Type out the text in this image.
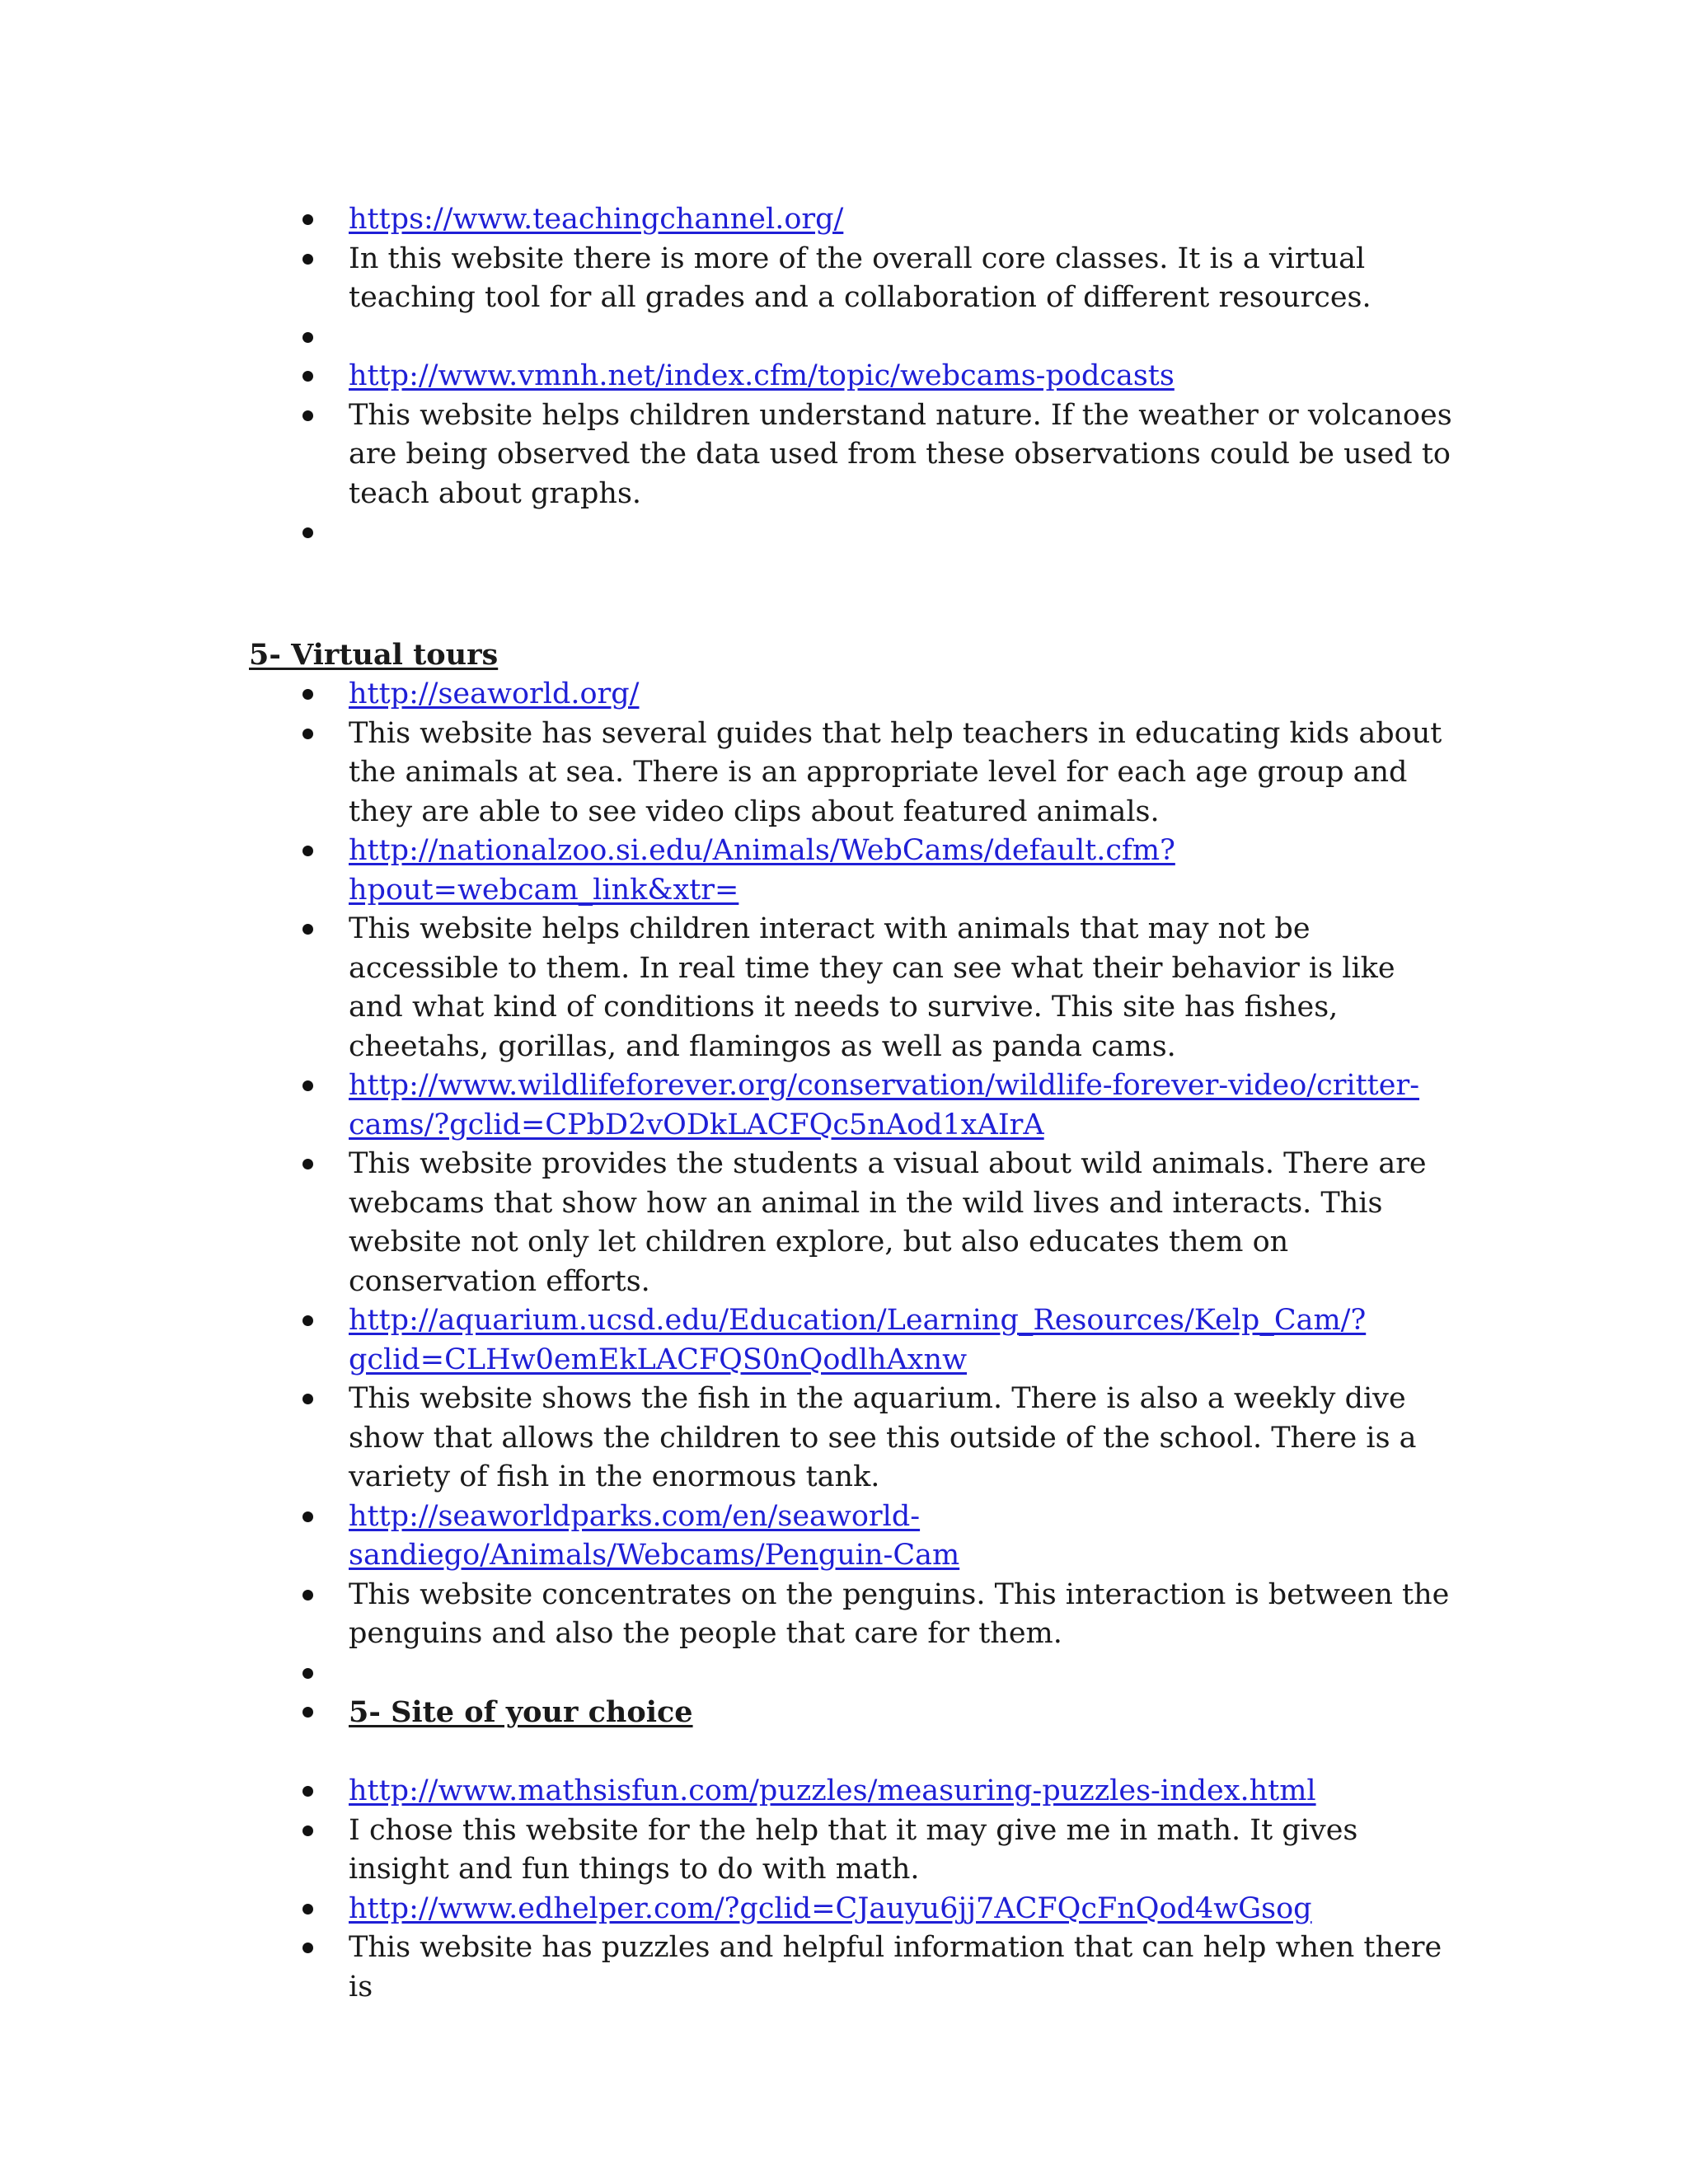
https://www.teachingchannel.org/
In this website there is more of the overall core classes. It is a virtual teaching tool for all grades and a collaboration of different resources.
http://www.vmnh.net/index.cfm/topic/webcams-podcasts
This website helps children understand nature. If the weather or volcanoes are being observed the data used from these observations could be used to teach about graphs.
5- Virtual tours
http://seaworld.org/
This website has several guides that help teachers in educating kids about the animals at sea. There is an appropriate level for each age group and they are able to see video clips about featured animals.
http://nationalzoo.si.edu/Animals/WebCams/default.cfm?hpout=webcam_link&xtr=
This website helps children interact with animals that may not be accessible to them. In real time they can see what their behavior is like and what kind of conditions it needs to survive. This site has fishes, cheetahs, gorillas, and flamingos as well as panda cams.
http://www.wildlifeforever.org/conservation/wildlife-forever-video/critter-cams/?gclid=CPbD2vODkLACFQc5nAod1xAIrA
This website provides the students a visual about wild animals. There are webcams that show how an animal in the wild lives and interacts. This website not only let children explore, but also educates them on conservation efforts.
http://aquarium.ucsd.edu/Education/Learning_Resources/Kelp_Cam/?gclid=CLHw0emEkLACFQS0nQodlhAxnw
This website shows the fish in the aquarium. There is also a weekly dive show that allows the children to see this outside of the school. There is a variety of fish in the enormous tank.
http://seaworldparks.com/en/seaworld-sandiego/Animals/Webcams/Penguin-Cam
This website concentrates on the penguins. This interaction is between the penguins and also the people that care for them.
5- Site of your choice
http://www.mathsisfun.com/puzzles/measuring-puzzles-index.html
I chose this website for the help that it may give me in math. It gives insight and fun things to do with math.
http://www.edhelper.com/?gclid=CJauyu6jj7ACFQcFnQod4wGsog
This website has puzzles and helpful information that can help when there is
